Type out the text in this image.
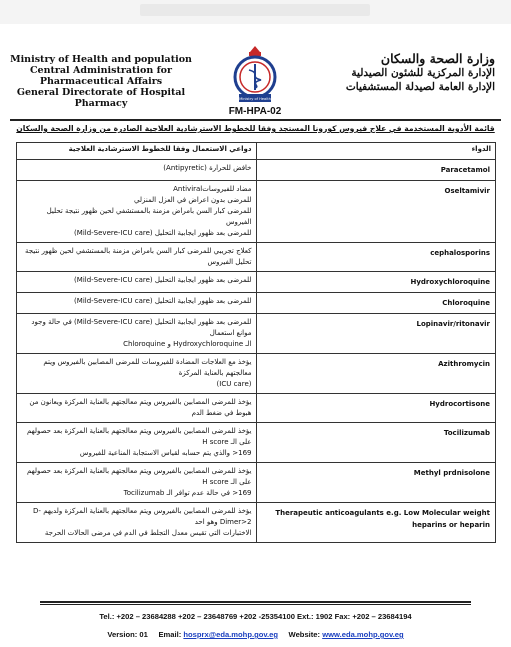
Ministry of Health and population
Central Administration for
Pharmaceutical Affairs
General Directorate of Hospital Pharmacy	Ministry of Health
وزارة الصحة والسكان
الإدارة المركزية للشئون الصيدلية
الإدارة العامة لصيدلة المستشفيات
FM-HPA-02
قائمة الأدوية المستخدمة في علاج فيروس كورونا المستجد وفقا للخطوط الاسترشادية العلاجية الصادرة من وزارة الصحة والسكان
الدواء	دواعي الاستعمال وفقا للخطوط الاسترشادية العلاجية
Paracetamol	خافض للحرارة (Antipyretic)

Oseltamivir	مضاد للفيروساتAntiviral
للمرضى بدون اعراض في العزل المنزلي
للمرضى كبار السن بامراض مزمنة بالمستشفي لحين ظهور نتيجة تحليل الفيروس
للمرضى بعد ظهور ايجابية التحليل (Mild-Severe-ICU care)

cephalosporins	كعلاج تجريبي للمرضى كبار السن بامراض مزمنة بالمستشفي لحين ظهور نتيجة تحليل الفيروس

Hydroxychloroquine	للمرضى بعد ظهور ايجابية التحليل (Mild-Severe-ICU care)

Chloroquine	للمرضى بعد ظهور ايجابية التحليل (Mild-Severe-ICU care)

Lopinavir/ritonavir	للمرضى بعد ظهور ايجابية التحليل (Mild-Severe-ICU care) في حالة وجود موانع استعمال
الـ Hydroxychloroquine و Chloroquine

Azithromycin	يؤخذ مع العلاجات المضادة للفيروسات للمرضى المصابين بالفيروس ويتم معالجتهم بالعناية المركزة
(ICU care)

Hydrocortisone	يؤخذ للمرضى المصابين بالفيروس ويتم معالجتهم بالعناية المركزة ويعانون من هبوط في ضغط الدم

Tocilizumab	يؤخذ للمرضى المصابين بالفيروس ويتم معالجتهم بالعناية المركزة بعد حصولهم على الـ H score
169< والذي يتم حسابه لقياس الاستجابة المناعية للفيروس

Methyl prdnisolone	يؤخذ للمرضى المصابين بالفيروس ويتم معالجتهم بالعناية المركزة بعد حصولهم على الـ H score
169< في حالة عدم توافر الـ Tocilizumab

Therapeutic anticoagulants e.g. Low Molecular weight heparins or heparin	يؤخذ للمرضى المصابين بالفيروس ويتم معالجتهم بالعناية المركزة ولديهم D-Dimer>2 وهو احد
الاختبارات التي تقيس معدل التجلط في الدم في مرضى الحالات الحرجة
Tel.: +202 – 23684288 +202 – 23648769 +202 -25354100 Ext.: 1902 Fax: +202 – 23684194
Version: 01 Email: hosprx@eda.mohp.gov.eg Website: www.eda.mohp.gov.eg
